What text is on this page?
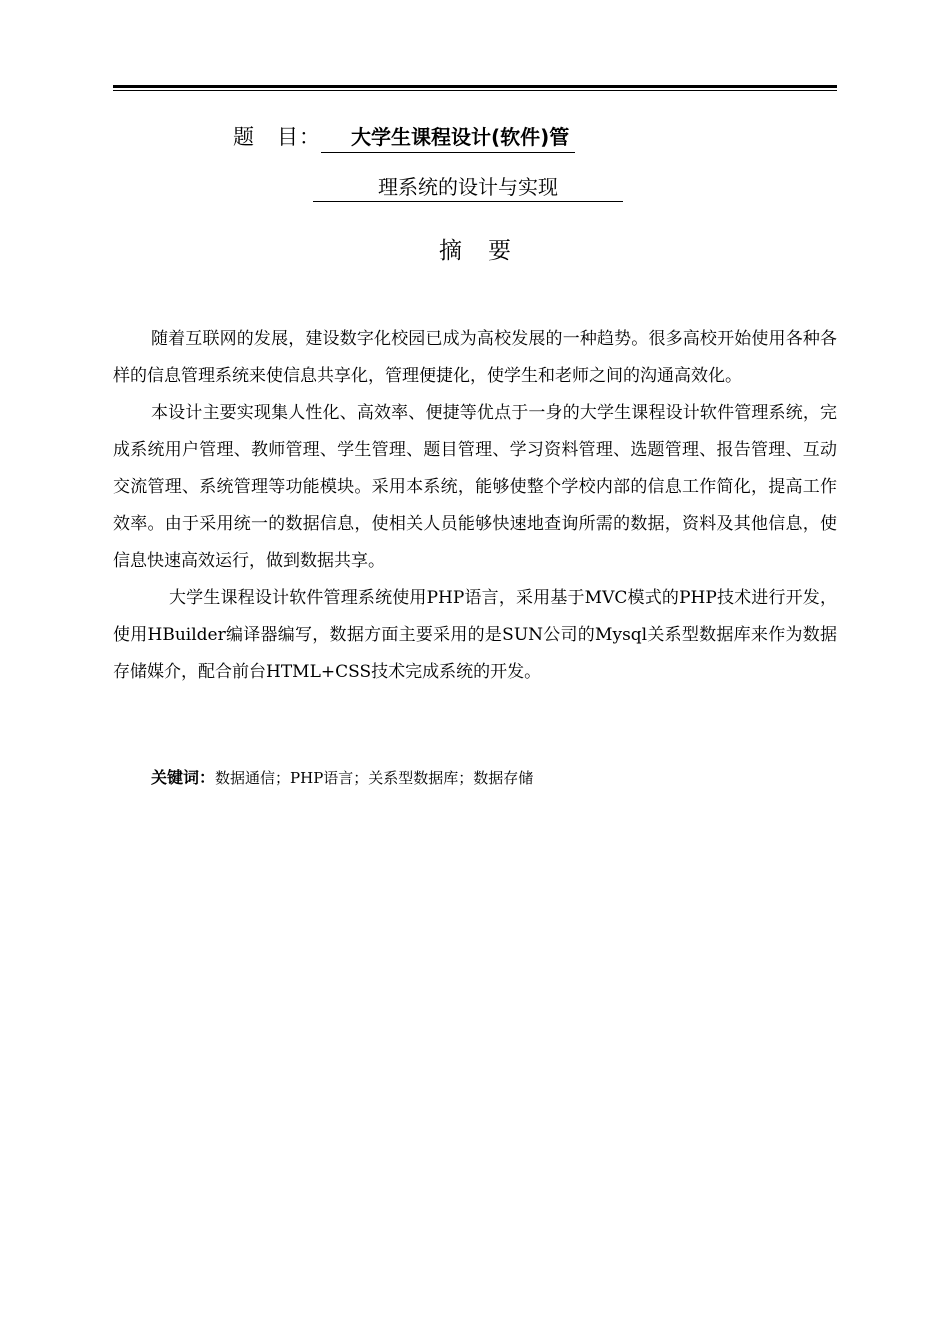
题　目： 大学生课程设计(软件)管
理系统的设计与实现
摘要

随着互联网的发展，建设数字化校园已成为高校发展的一种趋势。很多高校开始使用各种各样的信息管理系统来使信息共享化，管理便捷化，使学生和老师之间的沟通高效化。

本设计主要实现集人性化、高效率、便捷等优点于一身的大学生课程设计软件管理系统，完成系统用户管理、教师管理、学生管理、题目管理、学习资料管理、选题管理、报告管理、互动交流管理、系统管理等功能模块。采用本系统，能够使整个学校内部的信息工作简化，提高工作效率。由于采用统一的数据信息，使相关人员能够快速地查询所需的数据，资料及其他信息，使信息快速高效运行，做到数据共享。

大学生课程设计软件管理系统使用PHP语言，采用基于MVC模式的PHP技术进行开发，使用HBuilder编译器编写，数据方面主要采用的是SUN公司的Mysql关系型数据库来作为数据存储媒介，配合前台HTML+CSS技术完成系统的开发。

关键词：数据通信；PHP语言；关系型数据库；数据存储
